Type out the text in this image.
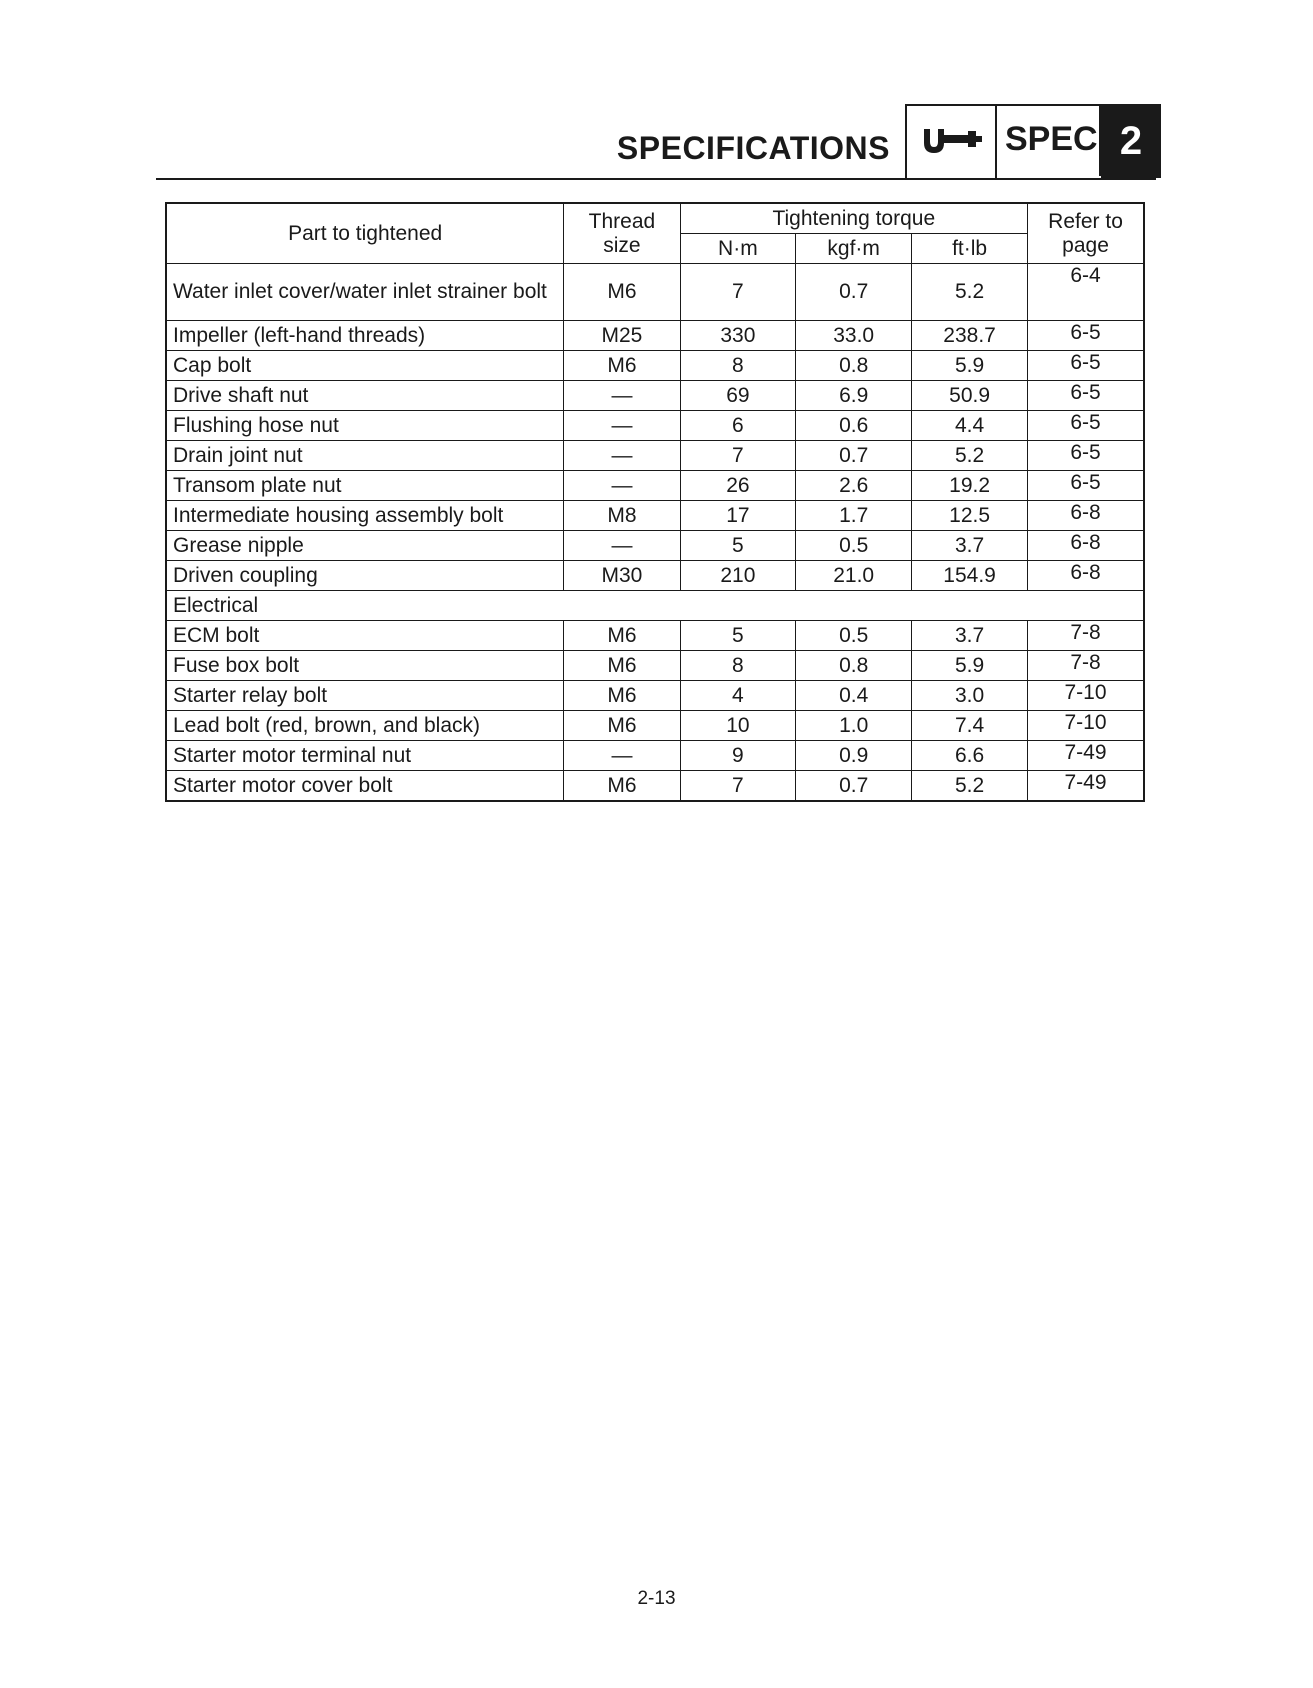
SPECIFICATIONS	SPEC 2
Part to tightened	Thread size	Tightening torque			Refer to page
		N·m	kgf·m	ft·lb	
Water inlet cover/water inlet strainer bolt	M6	7	0.7	5.2	6-4
Impeller (left-hand threads)	M25	330	33.0	238.7	6-5
Cap bolt	M6	8	0.8	5.9	6-5
Drive shaft nut	—	69	6.9	50.9	6-5
Flushing hose nut	—	6	0.6	4.4	6-5
Drain joint nut	—	7	0.7	5.2	6-5
Transom plate nut	—	26	2.6	19.2	6-5
Intermediate housing assembly bolt	M8	17	1.7	12.5	6-8
Grease nipple	—	5	0.5	3.7	6-8
Driven coupling	M30	210	21.0	154.9	6-8
Electrical					
ECM bolt	M6	5	0.5	3.7	7-8
Fuse box bolt	M6	8	0.8	5.9	7-8
Starter relay bolt	M6	4	0.4	3.0	7-10
Lead bolt (red, brown, and black)	M6	10	1.0	7.4	7-10
Starter motor terminal nut	—	9	0.9	6.6	7-49
Starter motor cover bolt	M6	7	0.7	5.2	7-49
2-13
